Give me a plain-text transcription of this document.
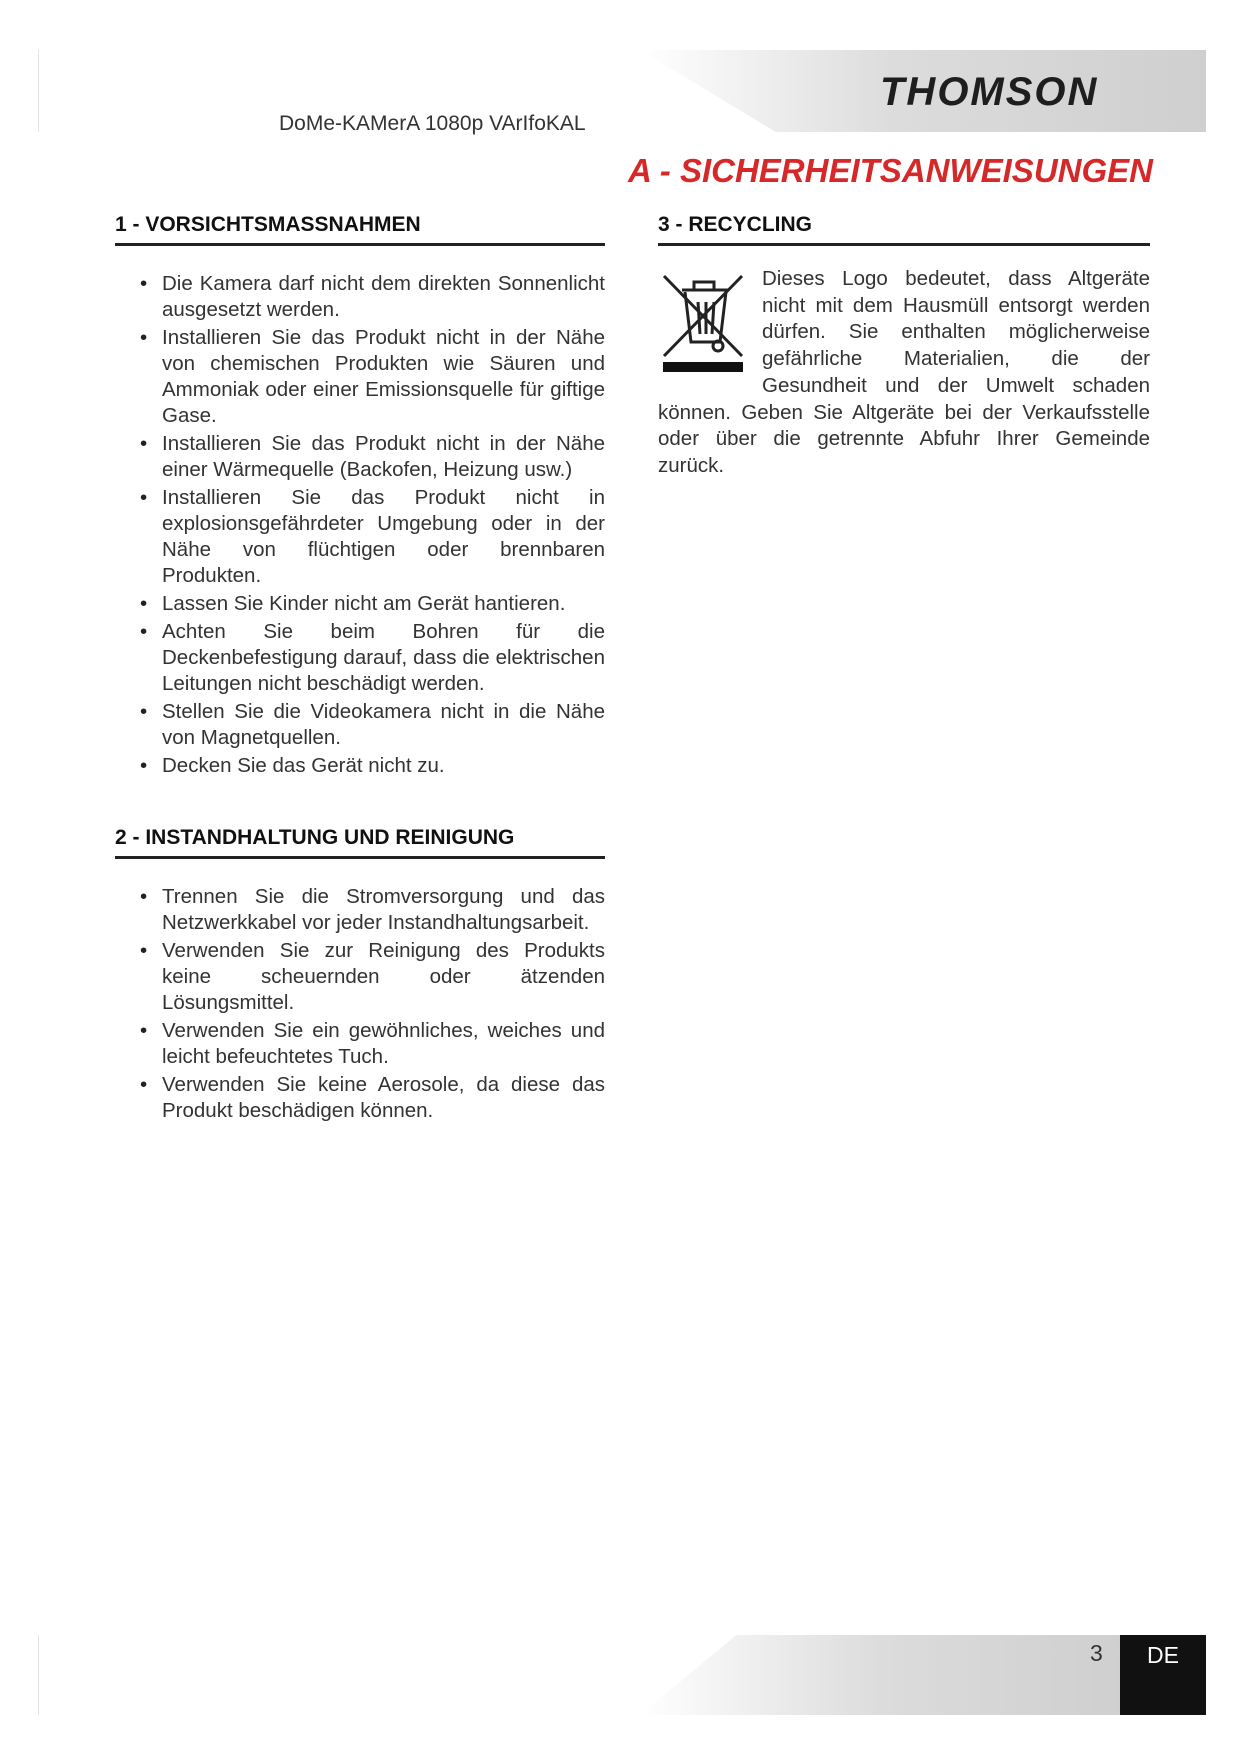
THOMSON
DoMe-KAMerA 1080p VArIfoKAL
A - SICHERHEITSANWEISUNGEN
1 - VORSICHTSMASSNAHMEN
• Die Kamera darf nicht dem direkten Sonnenlicht ausgesetzt werden.
• Installieren Sie das Produkt nicht in der Nähe von chemischen Produkten wie Säuren und Ammoniak oder einer Emissionsquelle für giftige Gase.
• Installieren Sie das Produkt nicht in der Nähe einer Wärmequelle (Backofen, Heizung usw.)
• Installieren Sie das Produkt nicht in explosionsgefährdeter Umgebung oder in der Nähe von flüchtigen oder brennbaren Produkten.
• Lassen Sie Kinder nicht am Gerät hantieren.
• Achten Sie beim Bohren für die Deckenbefestigung darauf, dass die elektrischen Leitungen nicht beschädigt werden.
• Stellen Sie die Videokamera nicht in die Nähe von Magnetquellen.
• Decken Sie das Gerät nicht zu.
2 - INSTANDHALTUNG UND REINIGUNG
• Trennen Sie die Stromversorgung und das Netzwerkkabel vor jeder Instandhaltungsarbeit.
• Verwenden Sie zur Reinigung des Produkts keine scheuernden oder ätzenden Lösungsmittel.
• Verwenden Sie ein gewöhnliches, weiches und leicht befeuchtetes Tuch.
• Verwenden Sie keine Aerosole, da diese das Produkt beschädigen können.
3 - RECYCLING
Dieses Logo bedeutet, dass Altgeräte nicht mit dem Hausmüll entsorgt werden dürfen. Sie enthalten möglicherweise gefährliche Materialien, die der Gesundheit und der Umwelt schaden können. Geben Sie Altgeräte bei der Verkaufsstelle oder über die getrennte Abfuhr Ihrer Gemeinde zurück.
3	DE
